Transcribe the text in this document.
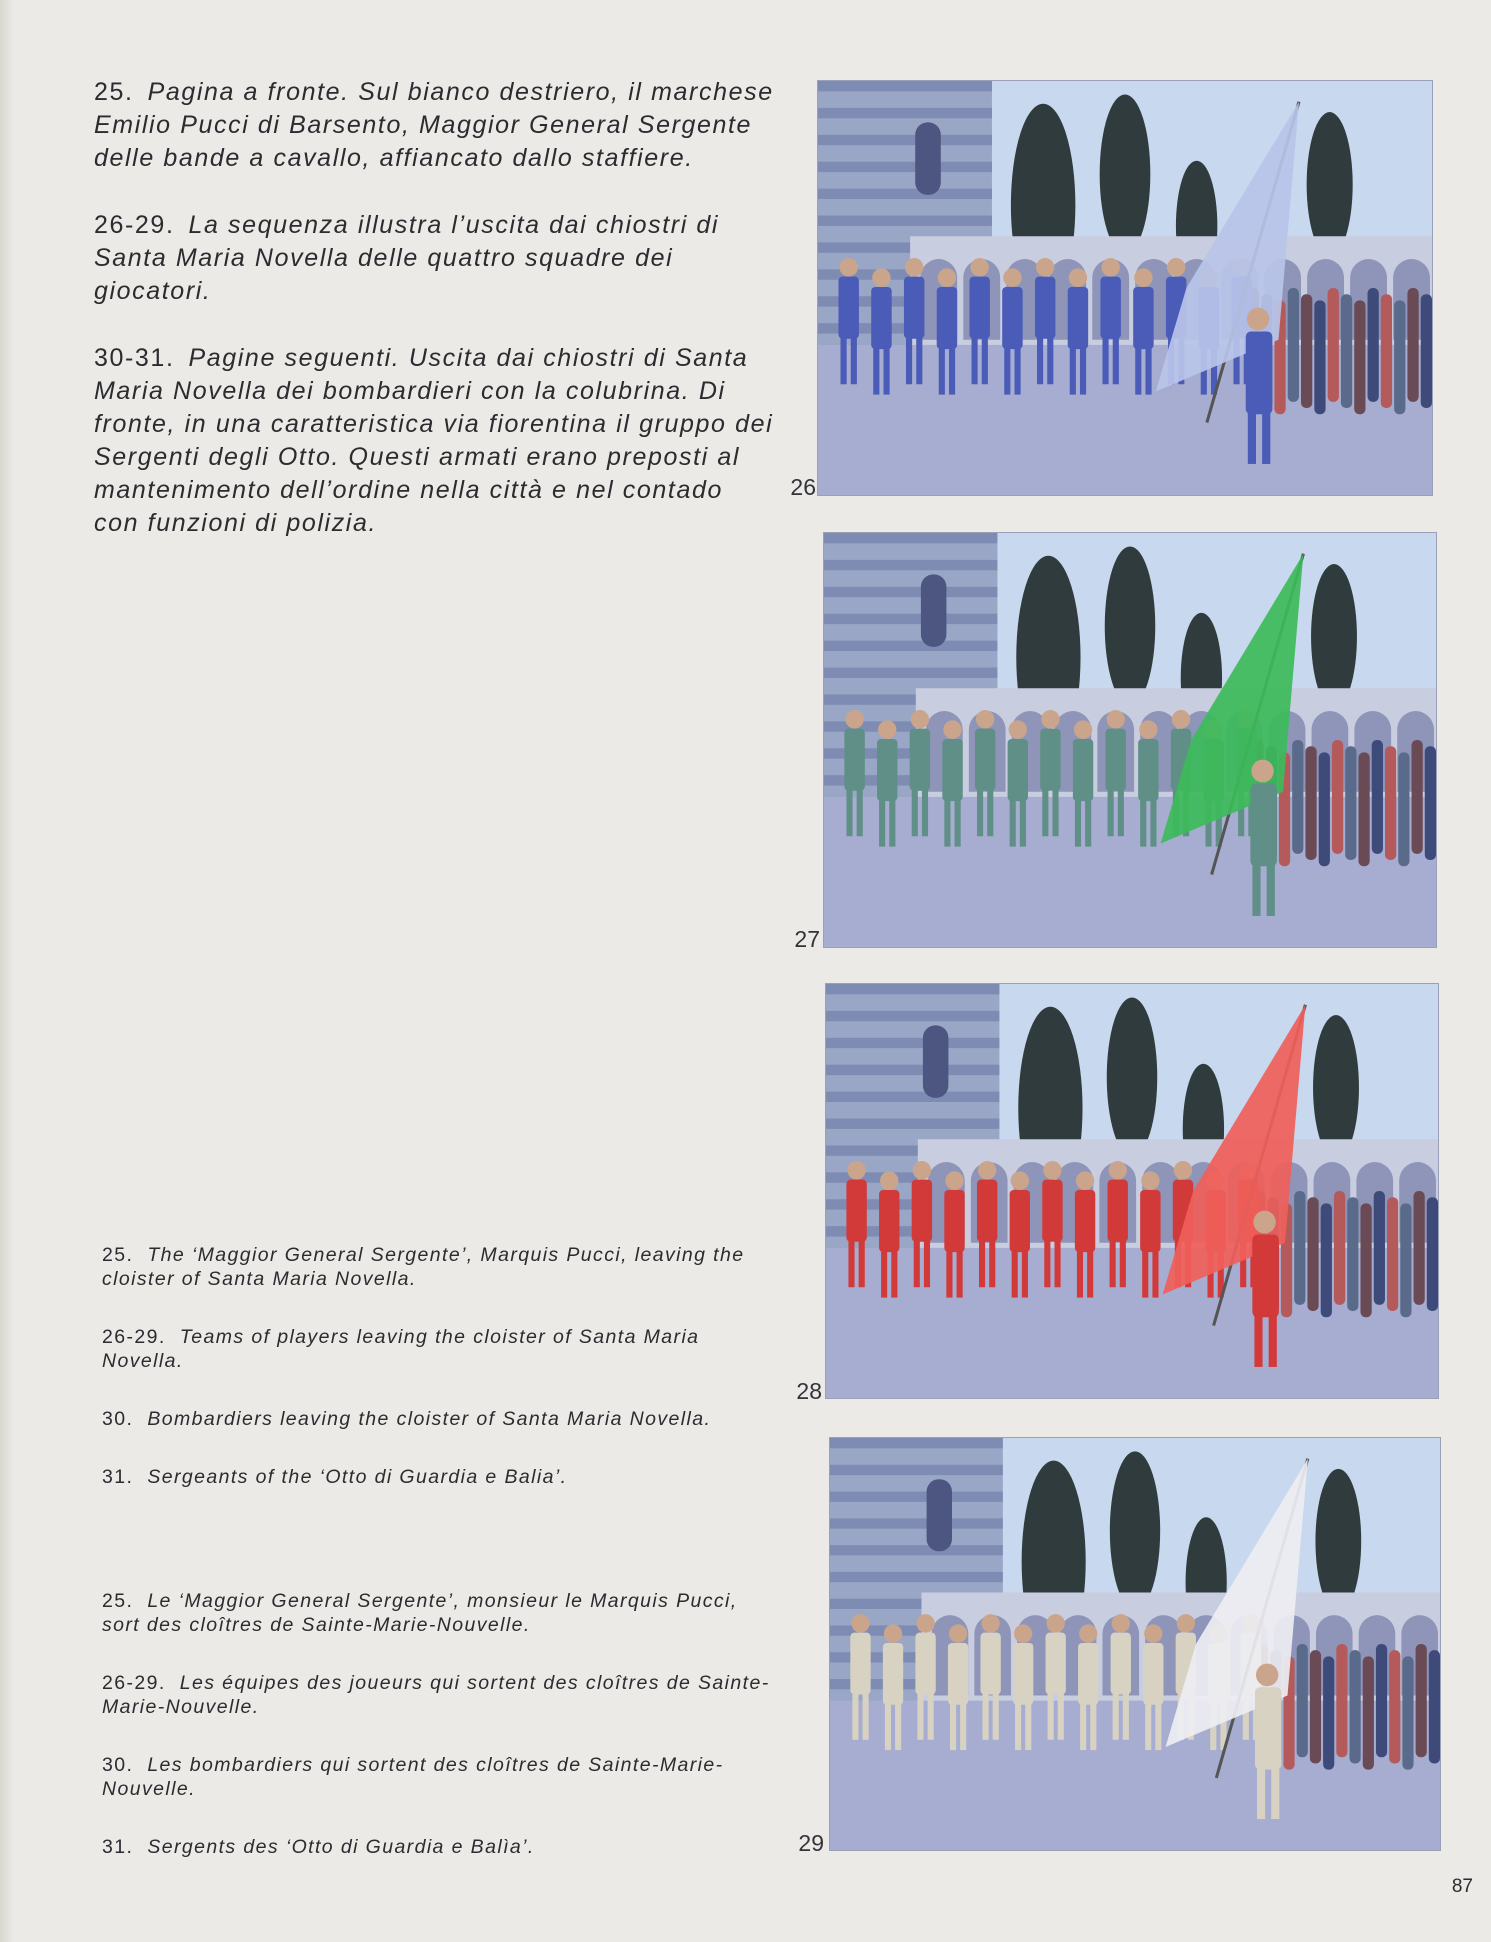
25. Pagina a fronte. Sul bianco destriero, il marchese Emilio Pucci di Barsento, Maggior General Sergente delle bande a cavallo, affiancato dallo staffiere.

26-29. La sequenza illustra l’uscita dai chiostri di Santa Maria Novella delle quattro squadre dei giocatori.

30-31. Pagine seguenti. Uscita dai chiostri di Santa Maria Novella dei bombardieri con la colubrina. Di fronte, in una caratteristica via fiorentina il gruppo dei Sergenti degli Otto. Questi armati erano preposti al mantenimento dell’ordine nella città e nel contado con funzioni di polizia.

25. The ‘Maggior General Sergente’, Marquis Pucci, leaving the cloister of Santa Maria Novella.

26-29. Teams of players leaving the cloister of Santa Maria Novella.

30. Bombardiers leaving the cloister of Santa Maria Novella.

31. Sergeants of the ‘Otto di Guardia e Balia’.

25. Le ‘Maggior General Sergente’, monsieur le Marquis Pucci, sort des cloîtres de Sainte-Marie-Nouvelle.

26-29. Les équipes des joueurs qui sortent des cloîtres de Sainte-Marie-Nouvelle.

30. Les bombardiers qui sortent des cloîtres de Sainte-Marie-Nouvelle.

31. Sergents des ‘Otto di Guardia e Balìa’.

26
27
28
29
87
